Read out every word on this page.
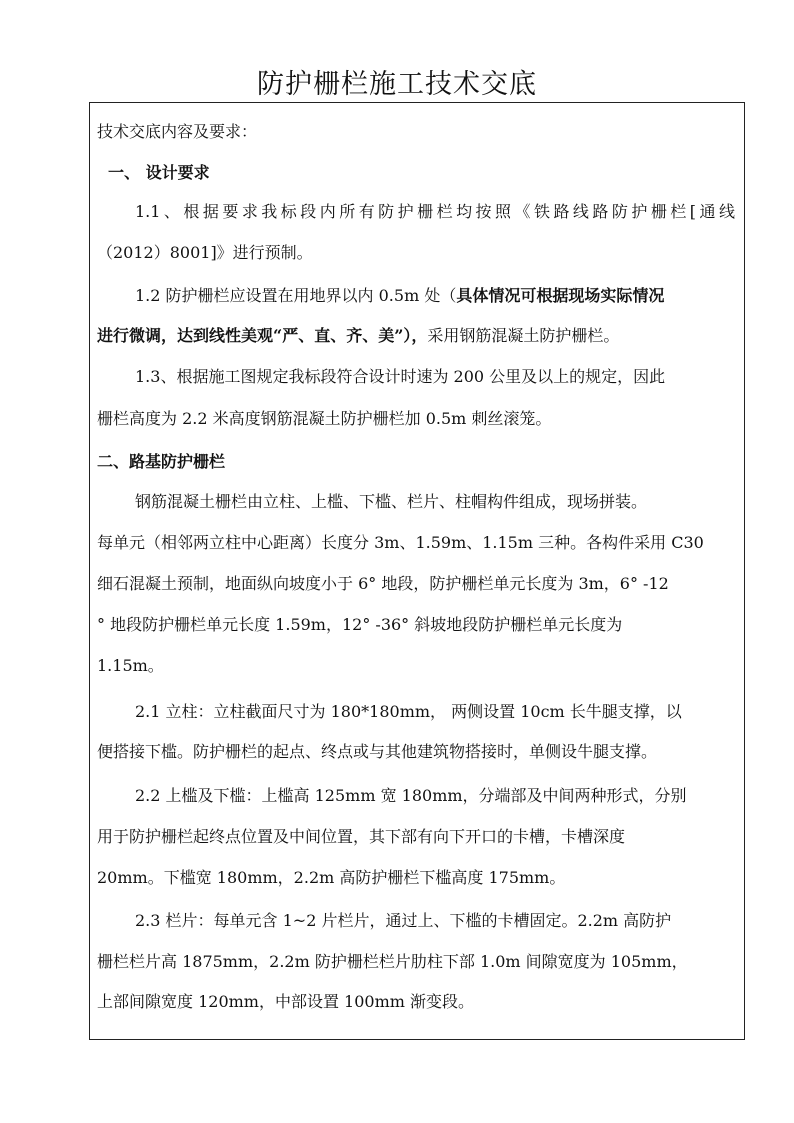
防护栅栏施工技术交底
技术交底内容及要求：
一、 设计要求
1.1、根据要求我标段内所有防护栅栏均按照《铁路线路防护栅栏[通线
（2012）8001]》进行预制。
1.2 防护栅栏应设置在用地界以内 0.5m 处（具体情况可根据现场实际情况
进行微调，达到线性美观“严、直、齐、美”），采用钢筋混凝土防护栅栏。
1.3、根据施工图规定我标段符合设计时速为 200 公里及以上的规定，因此
栅栏高度为 2.2 米高度钢筋混凝土防护栅栏加 0.5m 刺丝滚笼。
二、路基防护栅栏
钢筋混凝土栅栏由立柱、上槛、下槛、栏片、柱帽构件组成，现场拼装。
每单元（相邻两立柱中心距离）长度分 3m、1.59m、1.15m 三种。各构件采用 C30
细石混凝土预制，地面纵向坡度小于 6° 地段，防护栅栏单元长度为 3m，6° -12
° 地段防护栅栏单元长度 1.59m，12° -36° 斜坡地段防护栅栏单元长度为
1.15m。
2.1 立柱：立柱截面尺寸为 180*180mm， 两侧设置 10cm 长牛腿支撑，以
便搭接下槛。防护栅栏的起点、终点或与其他建筑物搭接时，单侧设牛腿支撑。
2.2 上槛及下槛：上槛高 125mm 宽 180mm，分端部及中间两种形式，分别
用于防护栅栏起终点位置及中间位置，其下部有向下开口的卡槽，卡槽深度
20mm。下槛宽 180mm，2.2m 高防护栅栏下槛高度 175mm。
2.3 栏片：每单元含 1~2 片栏片，通过上、下槛的卡槽固定。2.2m 高防护
栅栏栏片高 1875mm，2.2m 防护栅栏栏片肋柱下部 1.0m 间隙宽度为 105mm，
上部间隙宽度 120mm，中部设置 100mm 渐变段。
